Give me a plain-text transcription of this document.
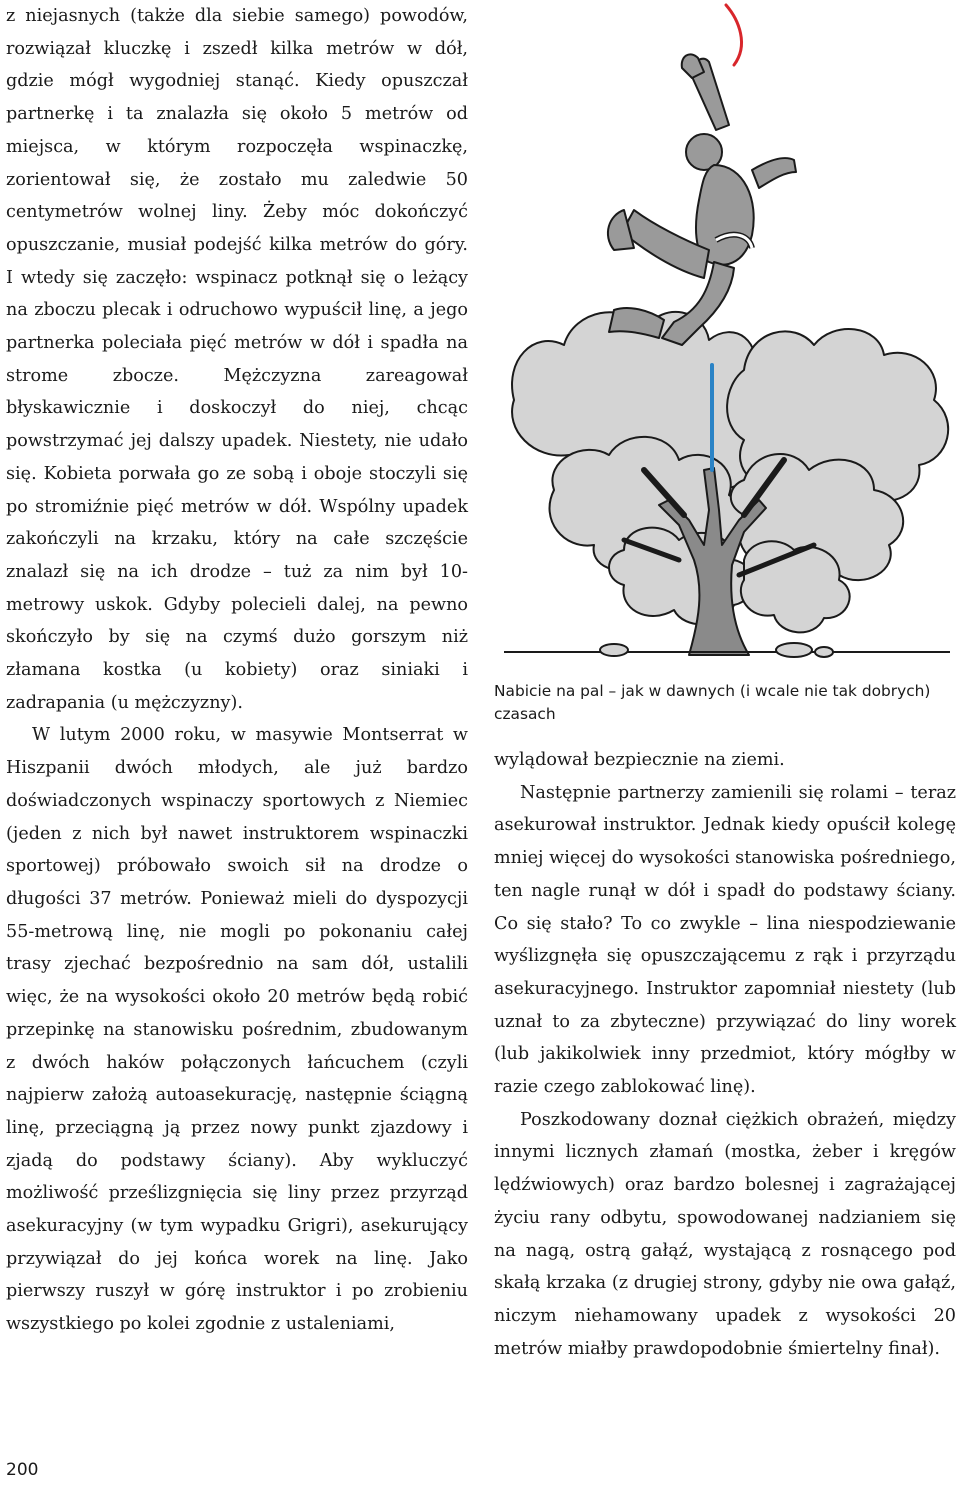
z niejasnych (także dla siebie samego) powodów, rozwiązał kluczkę i zszedł kilka metrów w dół, gdzie mógł wygodniej stanąć. Kiedy opuszczał partnerkę i ta znalazła się około 5 metrów od miejsca, w którym rozpoczęła wspinaczkę, zorientował się, że zostało mu zaledwie 50 centymetrów wolnej liny. Żeby móc dokończyć opuszczanie, musiał podejść kilka metrów do góry. I wtedy się zaczęło: wspinacz potknął się o leżący na zboczu plecak i odruchowo wypuścił linę, a jego partnerka poleciała pięć metrów w dół i spadła na strome zbocze. Mężczyzna zareagował błyskawicznie i doskoczył do niej, chcąc powstrzymać jej dalszy upadek. Niestety, nie udało się. Kobieta porwała go ze sobą i oboje stoczyli się po stromiźnie pięć metrów w dół. Wspólny upadek zakończyli na krzaku, który na całe szczęście znalazł się na ich drodze – tuż za nim był 10-metrowy uskok. Gdyby polecieli dalej, na pewno skończyło by się na czymś dużo gorszym niż złamana kostka (u kobiety) oraz siniaki i zadrapania (u mężczyzny).

W lutym 2000 roku, w masywie Montserrat w Hiszpanii dwóch młodych, ale już bardzo doświadczonych wspinaczy sportowych z Niemiec (jeden z nich był nawet instruktorem wspinaczki sportowej) próbowało swoich sił na drodze o długości 37 metrów. Ponieważ mieli do dyspozycji 55-metrową linę, nie mogli po pokonaniu całej trasy zjechać bezpośrednio na sam dół, ustalili więc, że na wysokości około 20 metrów będą robić przepinkę na stanowisku pośrednim, zbudowanym z dwóch haków połączonych łańcuchem (czyli najpierw założą autoasekurację, następnie ściągną linę, przeciągną ją przez nowy punkt zjazdowy i zjadą do podstawy ściany). Aby wykluczyć możliwość prześlizgnięcia się liny przez przyrząd asekuracyjny (w tym wypadku Grigri), asekurujący przywiązał do jej końca worek na linę. Jako pierwszy ruszył w górę instruktor i po zrobieniu wszystkiego po kolei zgodnie z ustaleniami,

Nabicie na pal – jak w dawnych (i wcale nie tak dobrych) czasach

wylądował bezpiecznie na ziemi.

Następnie partnerzy zamienili się rolami – teraz asekurował instruktor. Jednak kiedy opuścił kolegę mniej więcej do wysokości stanowiska pośredniego, ten nagle runął w dół i spadł do podstawy ściany. Co się stało? To co zwykle – lina niespodziewanie wyślizgnęła się opuszczającemu z rąk i przyrządu asekuracyjnego. Instruktor zapomniał niestety (lub uznał to za zbyteczne) przywiązać do liny worek (lub jakikolwiek inny przedmiot, który mógłby w razie czego zablokować linę).

Poszkodowany doznał ciężkich obrażeń, między innymi licznych złamań (mostka, żeber i kręgów lędźwiowych) oraz bardzo bolesnej i zagrażającej życiu rany odbytu, spowodowanej nadzianiem się na nagą, ostrą gałąź, wystającą z rosnącego pod skałą krzaka (z drugiej strony, gdyby nie owa gałąź, niczym niehamowany upadek z wysokości 20 metrów miałby prawdopodobnie śmiertelny finał).

200
